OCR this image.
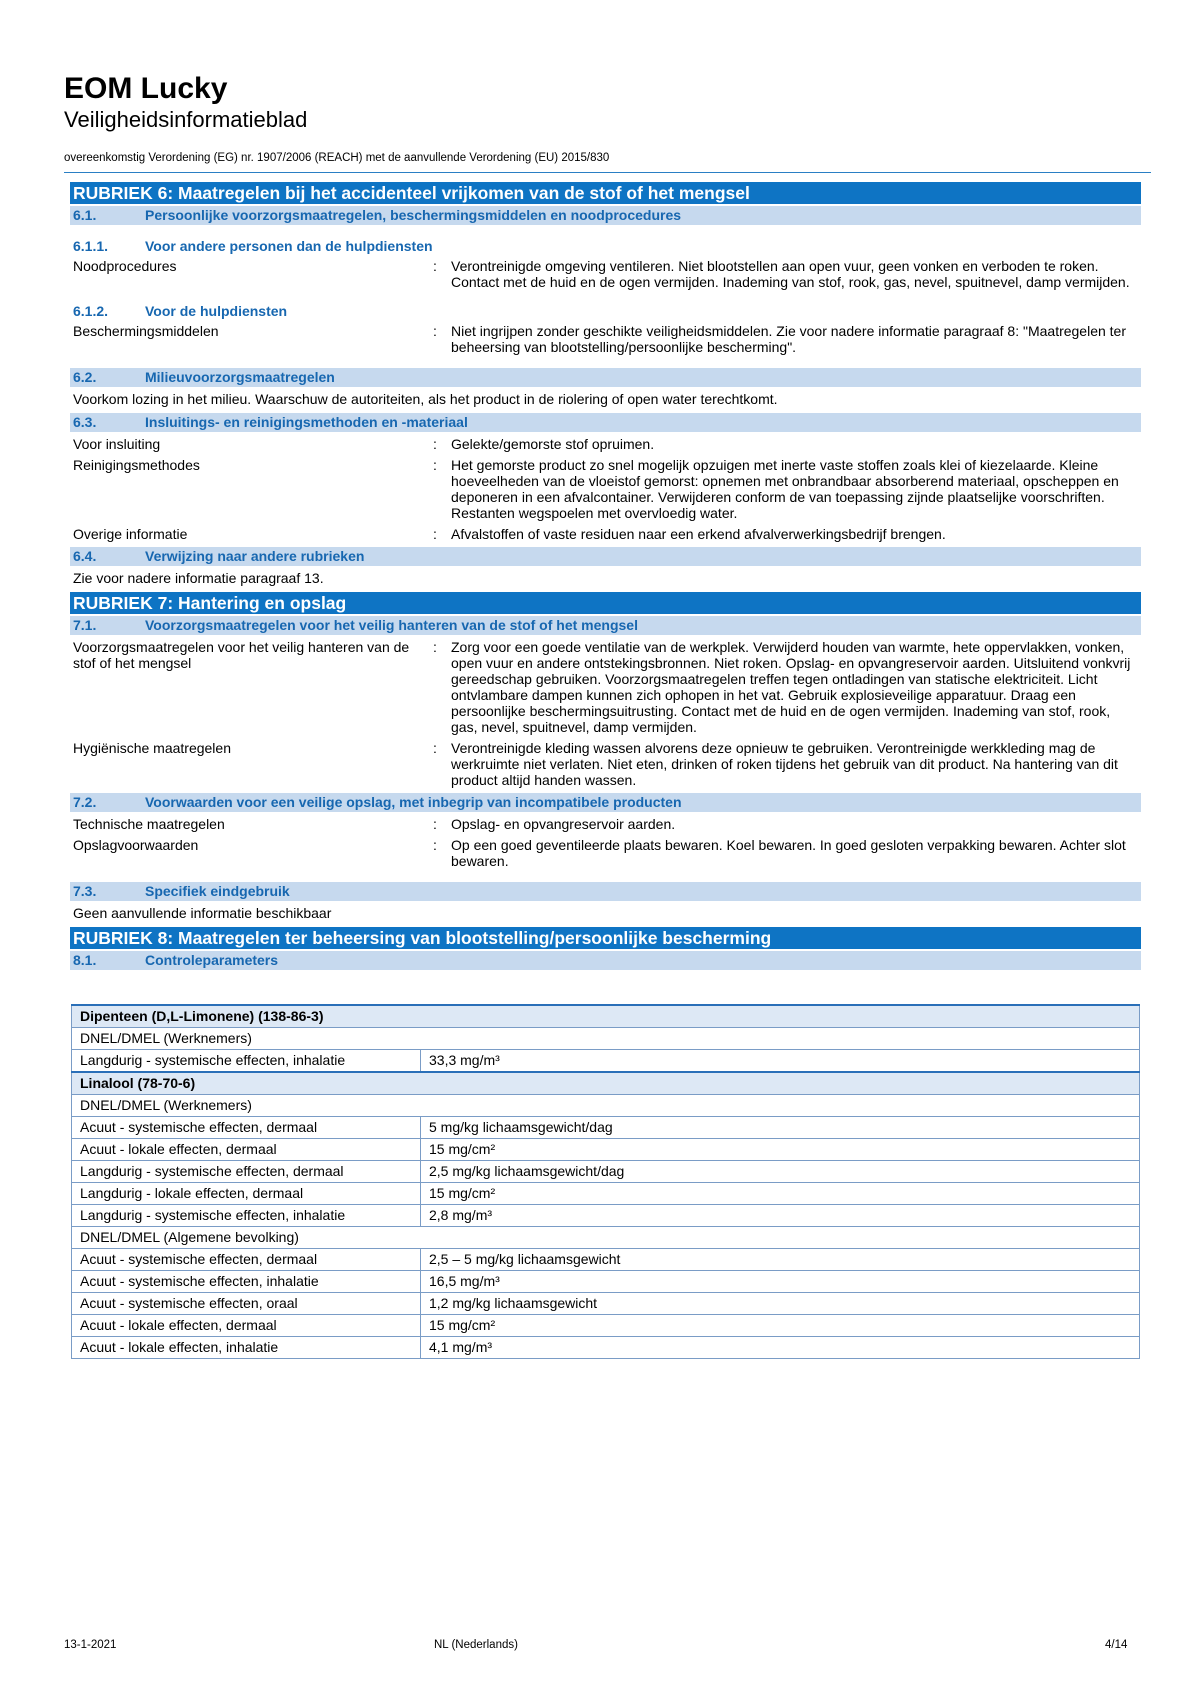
EOM Lucky
Veiligheidsinformatieblad
overeenkomstig Verordening (EG) nr. 1907/2006 (REACH) met de aanvullende Verordening (EU) 2015/830
RUBRIEK 6: Maatregelen bij het accidenteel vrijkomen van de stof of het mengsel
6.1.	Persoonlijke voorzorgsmaatregelen, beschermingsmiddelen en noodprocedures
6.1.1.	Voor andere personen dan de hulpdiensten
Noodprocedures	:	Verontreinigde omgeving ventileren. Niet blootstellen aan open vuur, geen vonken en verboden te roken. Contact met de huid en de ogen vermijden. Inademing van stof, rook, gas, nevel, spuitnevel, damp vermijden.
6.1.2.	Voor de hulpdiensten
Beschermingsmiddelen	:	Niet ingrijpen zonder geschikte veiligheidsmiddelen. Zie voor nadere informatie paragraaf 8: "Maatregelen ter beheersing van blootstelling/persoonlijke bescherming".
6.2.	Milieuvoorzorgsmaatregelen
Voorkom lozing in het milieu. Waarschuw de autoriteiten, als het product in de riolering of open water terechtkomt.
6.3.	Insluitings- en reinigingsmethoden en -materiaal
Voor insluiting	:	Gelekte/gemorste stof opruimen.
Reinigingsmethodes	:	Het gemorste product zo snel mogelijk opzuigen met inerte vaste stoffen zoals klei of kiezelaarde. Kleine hoeveelheden van de vloeistof gemorst: opnemen met onbrandbaar absorberend materiaal, opscheppen en deponeren in een afvalcontainer. Verwijderen conform de van toepassing zijnde plaatselijke voorschriften. Restanten wegspoelen met overvloedig water.
Overige informatie	:	Afvalstoffen of vaste residuen naar een erkend afvalverwerkingsbedrijf brengen.
6.4.	Verwijzing naar andere rubrieken
Zie voor nadere informatie paragraaf 13.
RUBRIEK 7: Hantering en opslag
7.1.	Voorzorgsmaatregelen voor het veilig hanteren van de stof of het mengsel
Voorzorgsmaatregelen voor het veilig hanteren van de stof of het mengsel
:	Zorg voor een goede ventilatie van de werkplek. Verwijderd houden van warmte, hete oppervlakken, vonken, open vuur en andere ontstekingsbronnen. Niet roken. Opslag- en opvangreservoir aarden. Uitsluitend vonkvrij gereedschap gebruiken. Voorzorgsmaatregelen treffen tegen ontladingen van statische elektriciteit. Licht ontvlambare dampen kunnen zich ophopen in het vat. Gebruik explosieveilige apparatuur. Draag een persoonlijke beschermingsuitrusting. Contact met de huid en de ogen vermijden. Inademing van stof, rook, gas, nevel, spuitnevel, damp vermijden.
Hygiënische maatregelen	:	Verontreinigde kleding wassen alvorens deze opnieuw te gebruiken. Verontreinigde werkkleding mag de werkruimte niet verlaten. Niet eten, drinken of roken tijdens het gebruik van dit product. Na hantering van dit product altijd handen wassen.
7.2.	Voorwaarden voor een veilige opslag, met inbegrip van incompatibele producten
Technische maatregelen	:	Opslag- en opvangreservoir aarden.
Opslagvoorwaarden	:	Op een goed geventileerde plaats bewaren. Koel bewaren. In goed gesloten verpakking bewaren. Achter slot bewaren.
7.3.	Specifiek eindgebruik
Geen aanvullende informatie beschikbaar
RUBRIEK 8: Maatregelen ter beheersing van blootstelling/persoonlijke bescherming
8.1.	Controleparameters
Dipenteen (D,L-Limonene) (138-86-3)	
DNEL/DMEL (Werknemers)	
Langdurig - systemische effecten, inhalatie	33,3 mg/m³
Linalool (78-70-6)	
DNEL/DMEL (Werknemers)	
Acuut - systemische effecten, dermaal	5 mg/kg lichaamsgewicht/dag
Acuut - lokale effecten, dermaal	15 mg/cm²
Langdurig - systemische effecten, dermaal	2,5 mg/kg lichaamsgewicht/dag
Langdurig - lokale effecten, dermaal	15 mg/cm²
Langdurig - systemische effecten, inhalatie	2,8 mg/m³
DNEL/DMEL (Algemene bevolking)	
Acuut - systemische effecten, dermaal	2,5 – 5 mg/kg lichaamsgewicht
Acuut - systemische effecten, inhalatie	16,5 mg/m³
Acuut - systemische effecten, oraal	1,2 mg/kg lichaamsgewicht
Acuut - lokale effecten, dermaal	15 mg/cm²
Acuut - lokale effecten, inhalatie	4,1 mg/m³
13-1-2021	NL (Nederlands)	4/14
